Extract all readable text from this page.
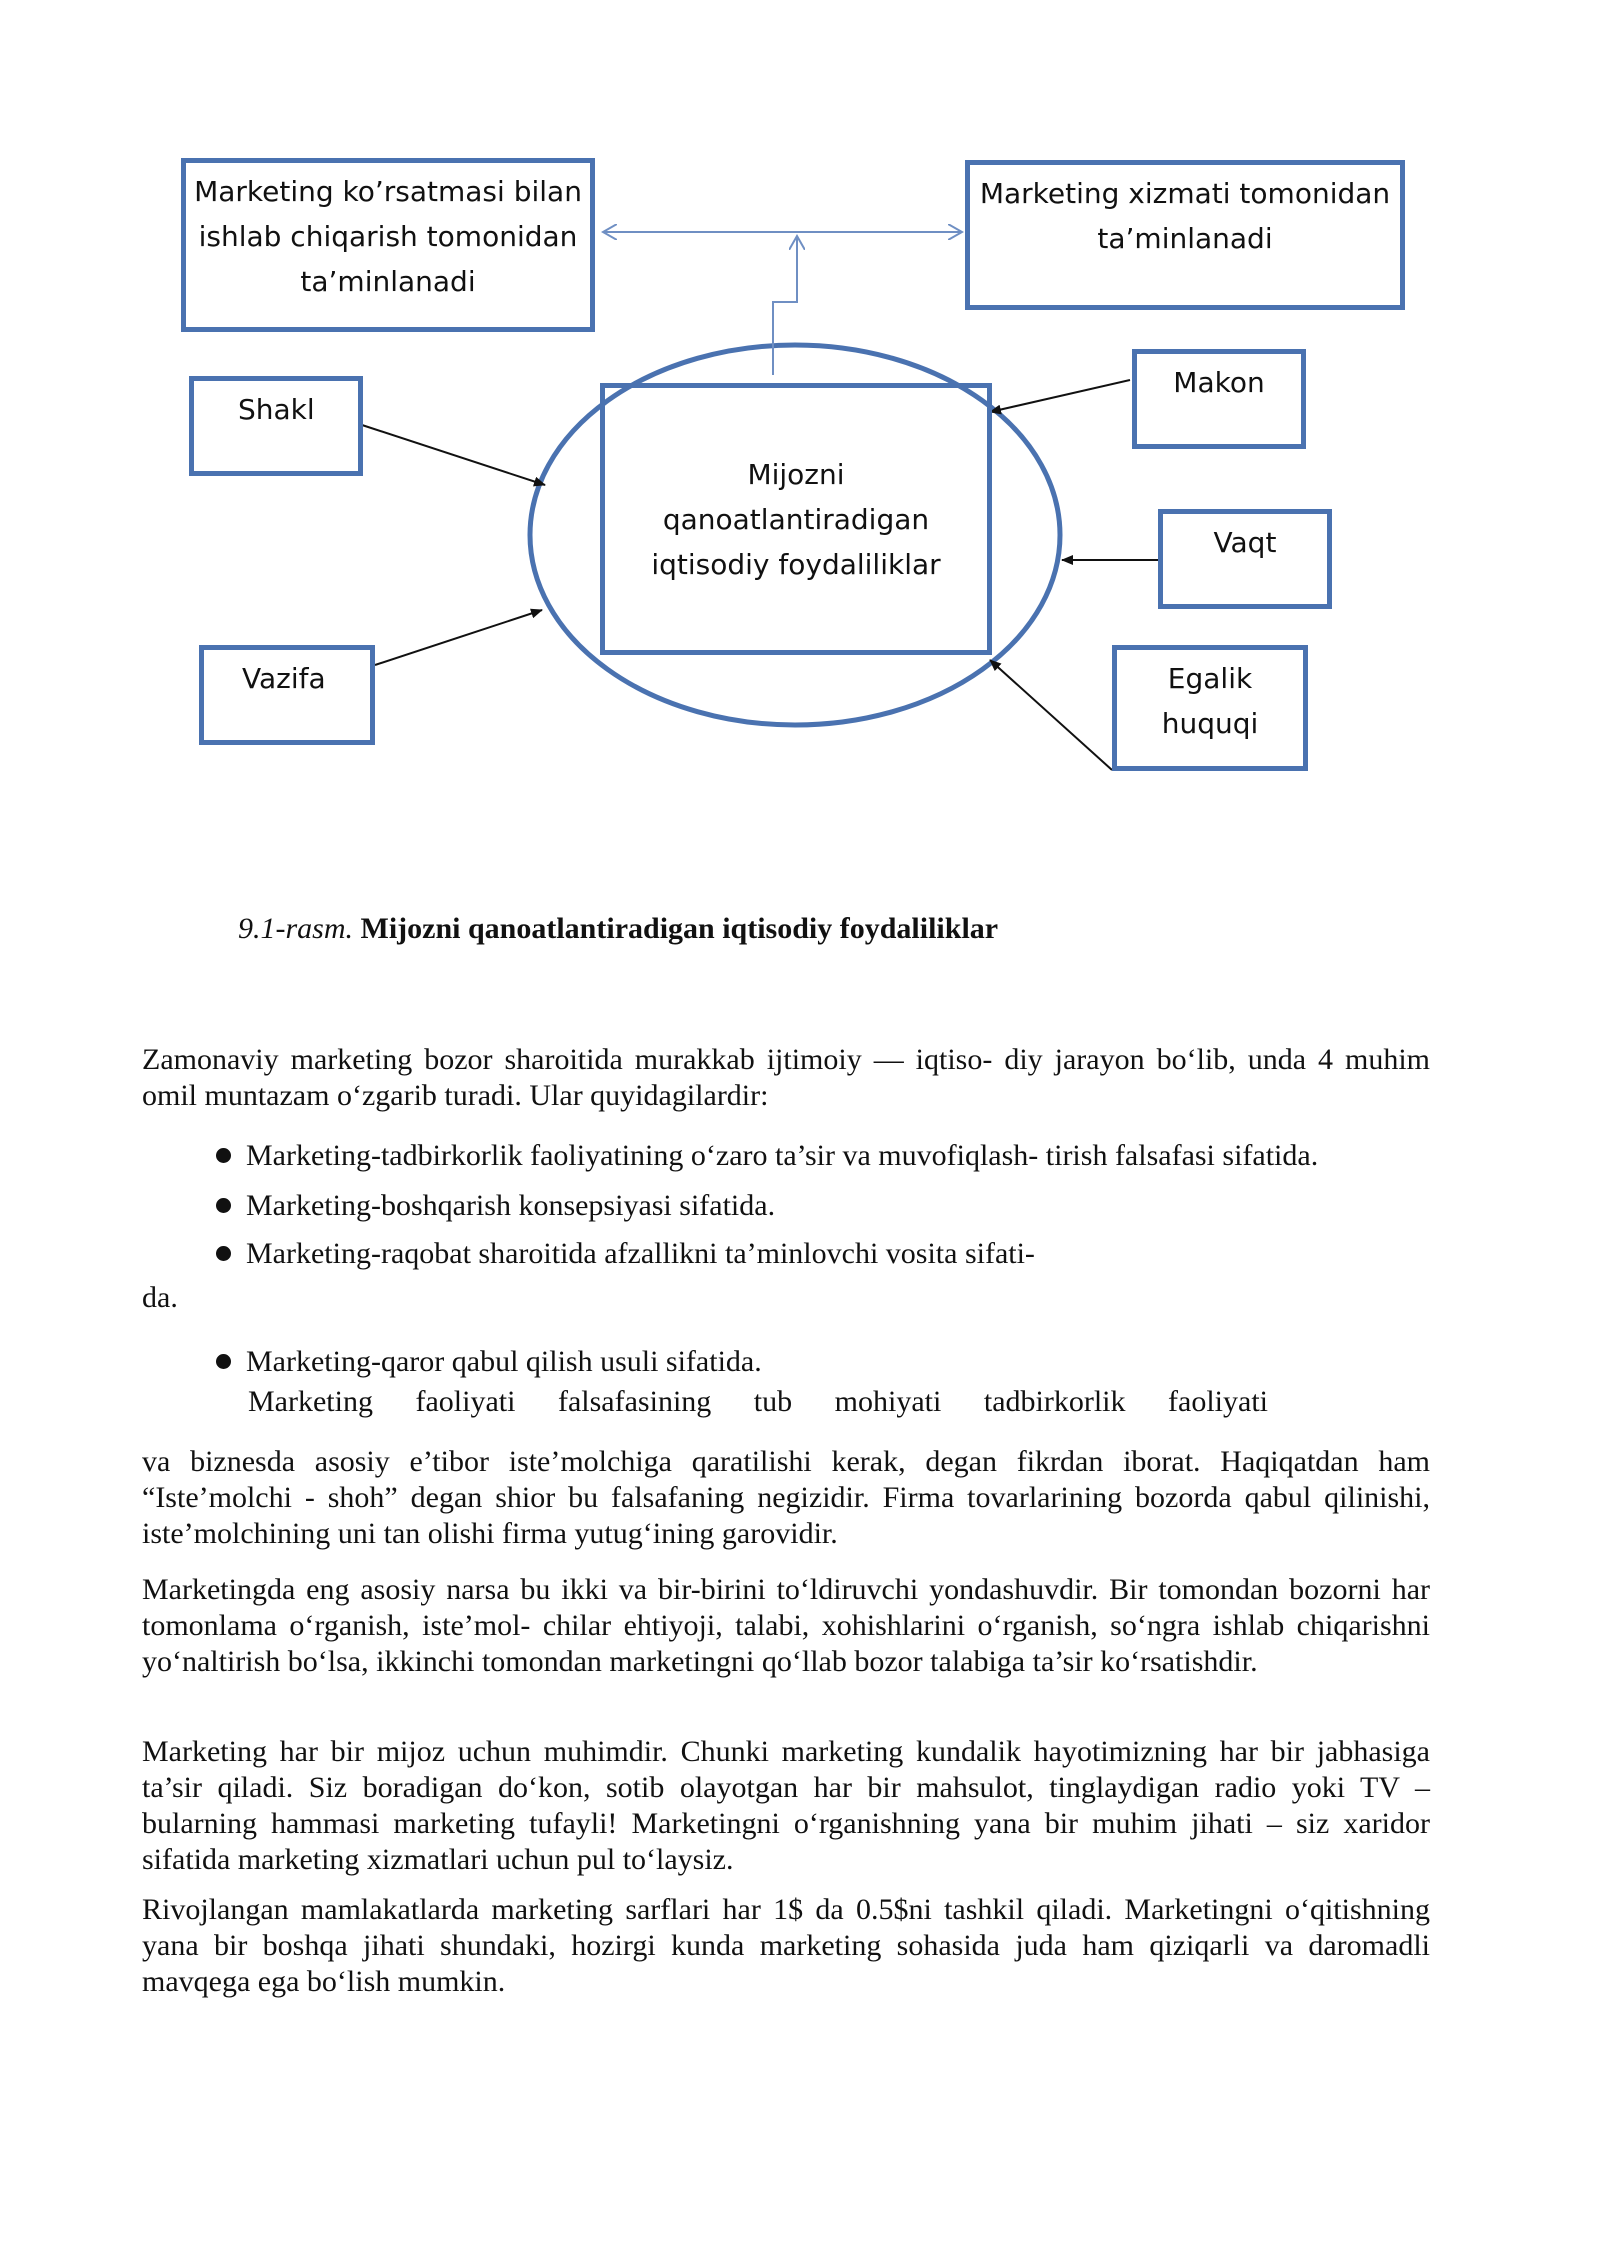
Marketing ko’rsatmasi bilan ishlab chiqarish tomonidan ta’minlanadi
Marketing xizmati tomonidan ta’minlanadi
Mijozni qanoatlantiradigan iqtisodiy foydaliliklar
Shakl
Vazifa
Makon
Vaqt
Egalik huquqi
9.1-rasm. Mijozni qanoatlantiradigan iqtisodiy foydaliliklar
Zamonaviy marketing bozor sharoitida murakkab ijtimoiy — iqtiso- diy jarayon bo‘lib, unda 4 muhim omil muntazam o‘zgarib turadi. Ular quyidagilardir:
Marketing-tadbirkorlik faoliyatining o‘zaro ta’sir va muvofiqlash- tirish falsafasi sifatida.
Marketing-boshqarish konsepsiyasi sifatida.
Marketing-raqobat sharoitida afzallikni ta’minlovchi vosita sifati-
da.
Marketing-qaror qabul qilish usuli sifatida.
Marketing faoliyati falsafasining tub mohiyati tadbirkorlik faoliyati
va biznesda asosiy e’tibor iste’molchiga qaratilishi kerak, degan fikrdan iborat. Haqiqatdan ham “Iste’molchi - shoh” degan shior bu falsafaning negizidir. Firma tovarlarining bozorda qabul qilinishi, iste’molchining uni tan olishi firma yutug‘ining garovidir.
Marketingda eng asosiy narsa bu ikki va bir-birini to‘ldiruvchi yondashuvdir. Bir tomondan bozorni har tomonlama o‘rganish, iste’mol- chilar ehtiyoji, talabi, xohishlarini o‘rganish, so‘ngra ishlab chiqarishni yo‘naltirish bo‘lsa, ikkinchi tomondan marketingni qo‘llab bozor talabiga ta’sir ko‘rsatishdir.
Marketing har bir mijoz uchun muhimdir. Chunki marketing kundalik hayotimizning har bir jabhasiga ta’sir qiladi. Siz boradigan do‘kon, sotib olayotgan har bir mahsulot, tinglaydigan radio yoki TV –bularning hammasi marketing tufayli! Marketingni o‘rganishning yana bir muhim jihati – siz xaridor sifatida marketing xizmatlari uchun pul to‘laysiz.
Rivojlangan mamlakatlarda marketing sarflari har 1$ da 0.5$ni tashkil qiladi. Marketingni o‘qitishning yana bir boshqa jihati shundaki, hozirgi kunda marketing sohasida juda ham qiziqarli va daromadli mavqega ega bo‘lish mumkin.
